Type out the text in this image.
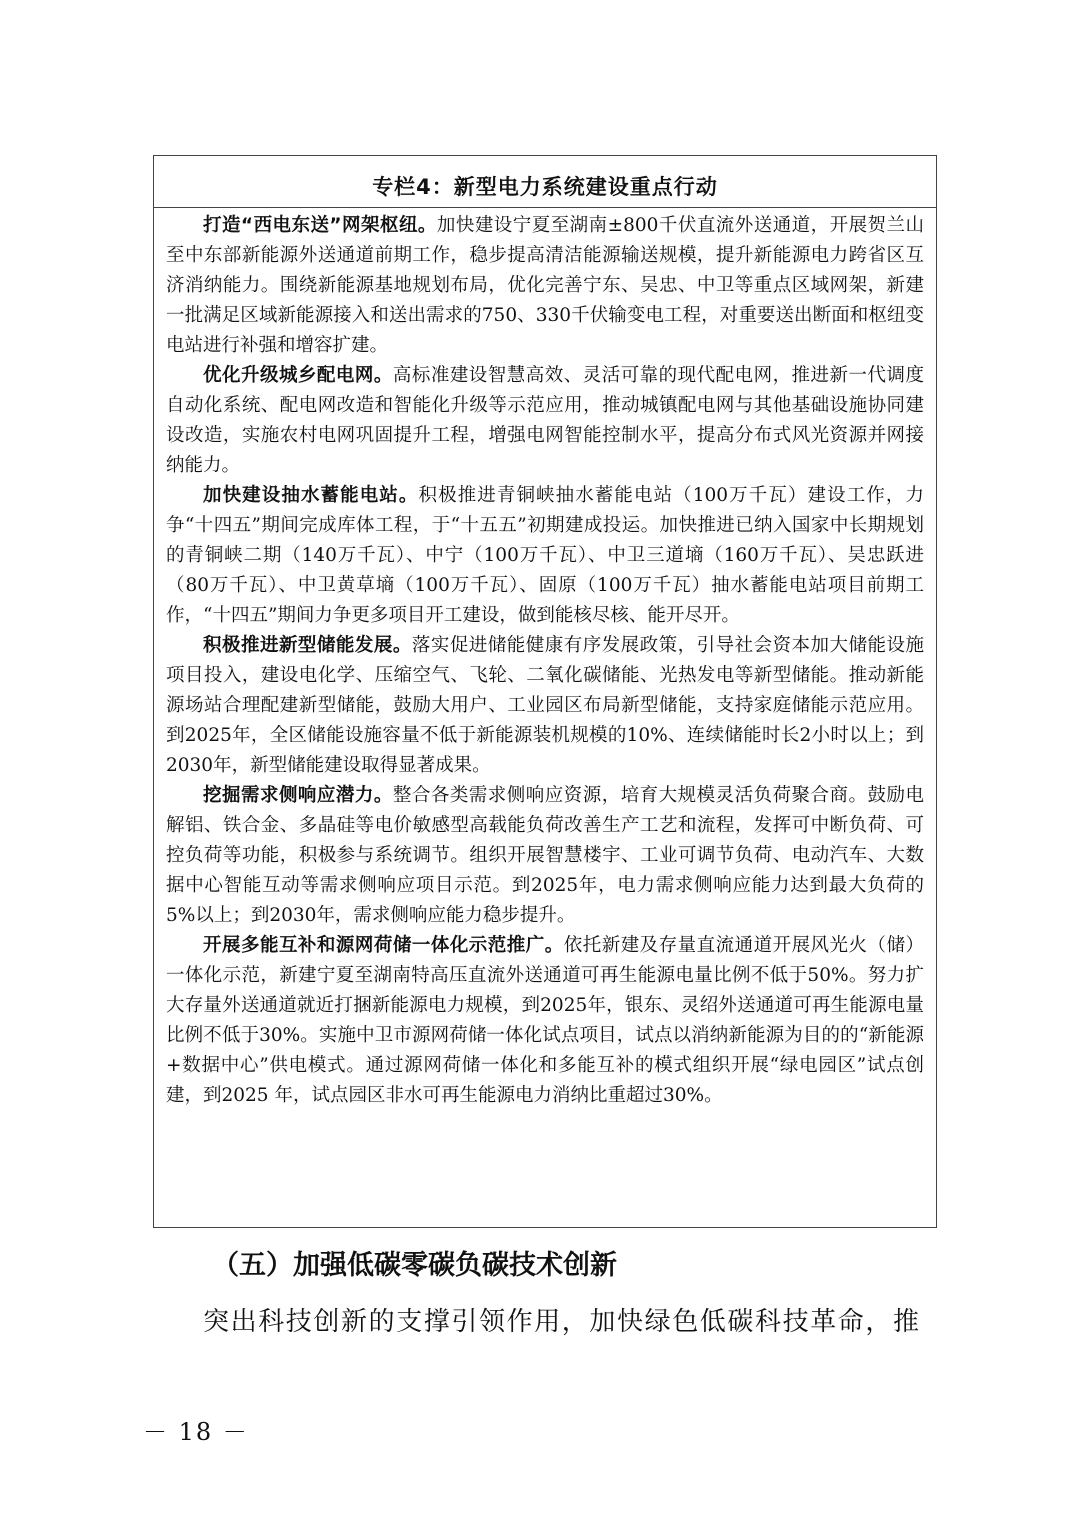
专栏4：新型电力系统建设重点行动

打造“西电东送”网架枢纽。加快建设宁夏至湖南±800千伏直流外送通道，开展贺兰山至中东部新能源外送通道前期工作，稳步提高清洁能源输送规模，提升新能源电力跨省区互济消纳能力。围绕新能源基地规划布局，优化完善宁东、吴忠、中卫等重点区域网架，新建一批满足区域新能源接入和送出需求的750、330千伏输变电工程，对重要送出断面和枢纽变电站进行补强和增容扩建。

优化升级城乡配电网。高标准建设智慧高效、灵活可靠的现代配电网，推进新一代调度自动化系统、配电网改造和智能化升级等示范应用，推动城镇配电网与其他基础设施协同建设改造，实施农村电网巩固提升工程，增强电网智能控制水平，提高分布式风光资源并网接纳能力。

加快建设抽水蓄能电站。积极推进青铜峡抽水蓄能电站（100万千瓦）建设工作，力争“十四五”期间完成库体工程，于“十五五”初期建成投运。加快推进已纳入国家中长期规划的青铜峡二期（140万千瓦）、中宁（100万千瓦）、中卫三道墒（160万千瓦）、吴忠跃进（80万千瓦）、中卫黄草墒（100万千瓦）、固原（100万千瓦）抽水蓄能电站项目前期工作，“十四五”期间力争更多项目开工建设，做到能核尽核、能开尽开。

积极推进新型储能发展。落实促进储能健康有序发展政策，引导社会资本加大储能设施项目投入，建设电化学、压缩空气、飞轮、二氧化碳储能、光热发电等新型储能。推动新能源场站合理配建新型储能，鼓励大用户、工业园区布局新型储能，支持家庭储能示范应用。到2025年，全区储能设施容量不低于新能源装机规模的10%、连续储能时长2小时以上；到2030年，新型储能建设取得显著成果。

挖掘需求侧响应潜力。整合各类需求侧响应资源，培育大规模灵活负荷聚合商。鼓励电解铝、铁合金、多晶硅等电价敏感型高载能负荷改善生产工艺和流程，发挥可中断负荷、可控负荷等功能，积极参与系统调节。组织开展智慧楼宇、工业可调节负荷、电动汽车、大数据中心智能互动等需求侧响应项目示范。到2025年，电力需求侧响应能力达到最大负荷的5%以上；到2030年，需求侧响应能力稳步提升。

开展多能互补和源网荷储一体化示范推广。依托新建及存量直流通道开展风光火（储）一体化示范，新建宁夏至湖南特高压直流外送通道可再生能源电量比例不低于50%。努力扩大存量外送通道就近打捆新能源电力规模，到2025年，银东、灵绍外送通道可再生能源电量比例不低于30%。实施中卫市源网荷储一体化试点项目，试点以消纳新能源为目的的“新能源+数据中心”供电模式。通过源网荷储一体化和多能互补的模式组织开展“绿电园区”试点创建，到2025 年，试点园区非水可再生能源电力消纳比重超过30%。

（五）加强低碳零碳负碳技术创新

突出科技创新的支撑引领作用，加快绿色低碳科技革命，推

－ 18 －
